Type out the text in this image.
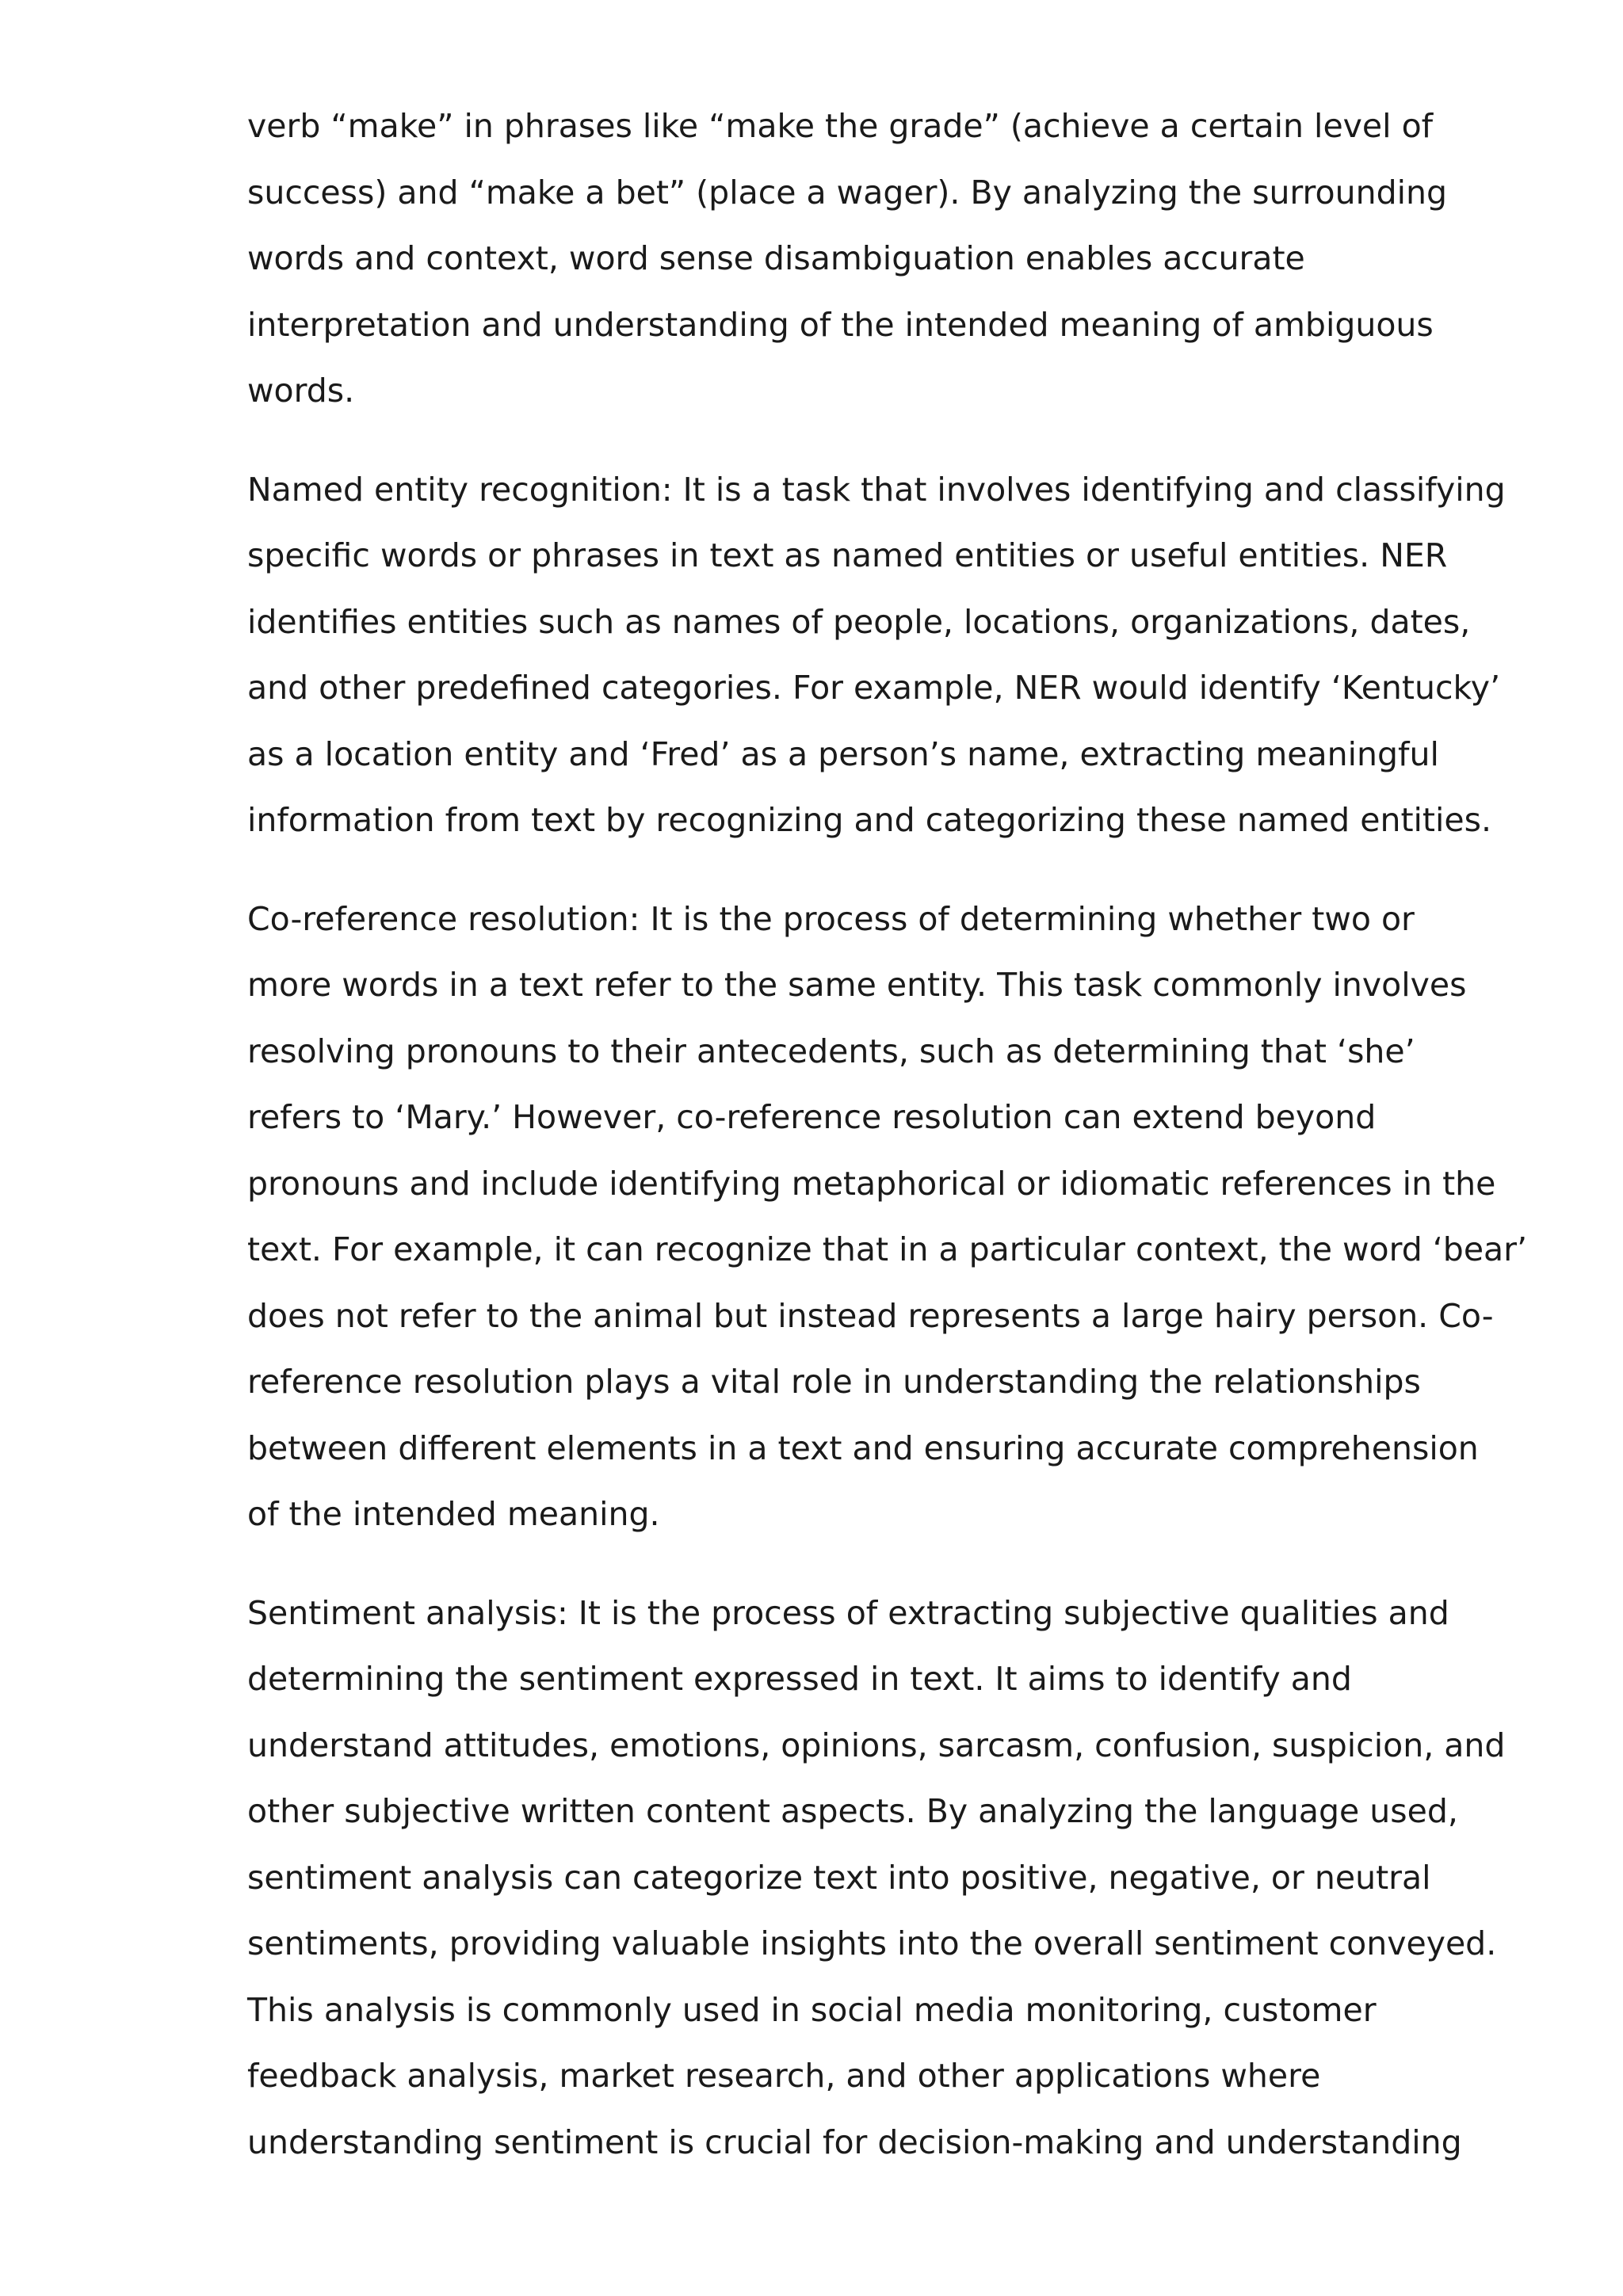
verb “make” in phrases like “make the grade” (achieve a certain level of
success) and “make a bet” (place a wager). By analyzing the surrounding
words and context, word sense disambiguation enables accurate
interpretation and understanding of the intended meaning of ambiguous
words.

Named entity recognition: It is a task that involves identifying and classifying
specific words or phrases in text as named entities or useful entities. NER
identifies entities such as names of people, locations, organizations, dates,
and other predefined categories. For example, NER would identify ‘Kentucky’
as a location entity and ‘Fred’ as a person’s name, extracting meaningful
information from text by recognizing and categorizing these named entities.

Co-reference resolution: It is the process of determining whether two or
more words in a text refer to the same entity. This task commonly involves
resolving pronouns to their antecedents, such as determining that ‘she’
refers to ‘Mary.’ However, co-reference resolution can extend beyond
pronouns and include identifying metaphorical or idiomatic references in the
text. For example, it can recognize that in a particular context, the word ‘bear’
does not refer to the animal but instead represents a large hairy person. Co-
reference resolution plays a vital role in understanding the relationships
between different elements in a text and ensuring accurate comprehension
of the intended meaning.

Sentiment analysis: It is the process of extracting subjective qualities and
determining the sentiment expressed in text. It aims to identify and
understand attitudes, emotions, opinions, sarcasm, confusion, suspicion, and
other subjective written content aspects. By analyzing the language used,
sentiment analysis can categorize text into positive, negative, or neutral
sentiments, providing valuable insights into the overall sentiment conveyed.
This analysis is commonly used in social media monitoring, customer
feedback analysis, market research, and other applications where
understanding sentiment is crucial for decision-making and understanding
